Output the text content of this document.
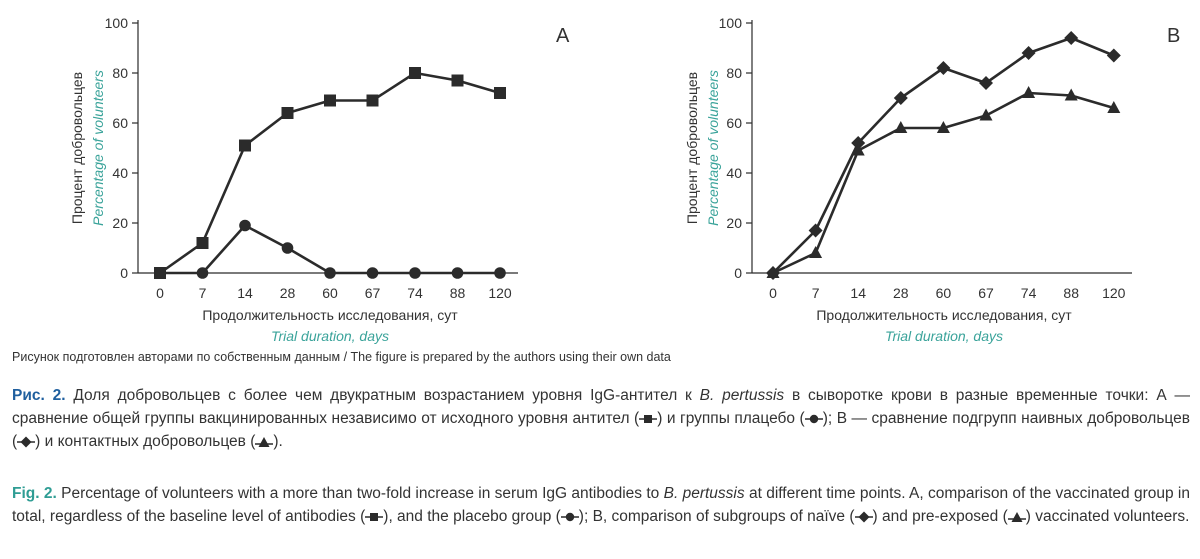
A
Процент добровольцев Percentage of volunteers
Продолжительность исследования, сут
Trial duration, days
0
20
40
60
80
100
0 7 14 28 60 67 74 88 120
B
Процент добровольцев Percentage of volunteers
Продолжительность исследования, сут
Trial duration, days
0
20
40
60
80
100
0 7 14 28 60 67 74 88 120

Рисунок подготовлен авторами по собственным данным / The figure is prepared by the authors using their own data

Рис. 2. Доля добровольцев с более чем двукратным возрастанием уровня IgG-антител к B. pertussis в сыворотке крови в разные временные точки: А — сравнение общей группы вакцинированных независимо от исходного уровня антител ( ) и группы плацебо ( ); В — сравнение подгрупп наивных добровольцев ( ) и контактных добровольцев ( ).

Fig. 2. Percentage of volunteers with a more than two-fold increase in serum IgG antibodies to B. pertussis at different time points. A, comparison of the vaccinated group in total, regardless of the baseline level of antibodies ( ), and the placebo group ( ); B, comparison of subgroups of naïve ( ) and pre-exposed ( ) vaccinated volunteers.
